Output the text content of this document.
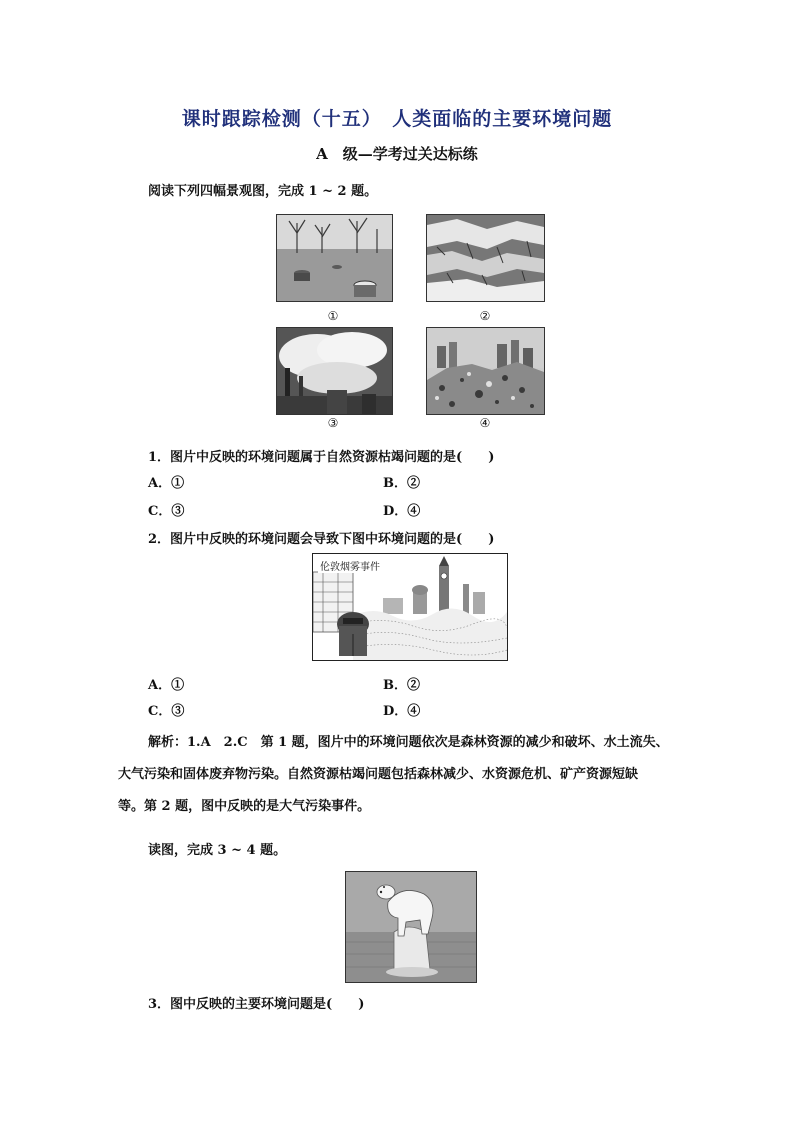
课时跟踪检测（十五）　人类面临的主要环境问题
A　级—学考过关达标练
阅读下列四幅景观图，完成 1 ~ 2 题。
①	②
③	④
1．图片中反映的环境问题属于自然资源枯竭问题的是(　　)
A．①	B．②
C．③	D．④
2．图片中反映的环境问题会导致下图中环境问题的是(　　)
伦敦烟雾事件
A．①	B．②
C．③	D．④
解析：1.A　2.C　第 1 题，图片中的环境问题依次是森林资源的减少和破坏、水土流失、
大气污染和固体废弃物污染。自然资源枯竭问题包括森林减少、水资源危机、矿产资源短缺
等。第 2 题，图中反映的是大气污染事件。
读图，完成 3 ~ 4 题。
3．图中反映的主要环境问题是(　　)
